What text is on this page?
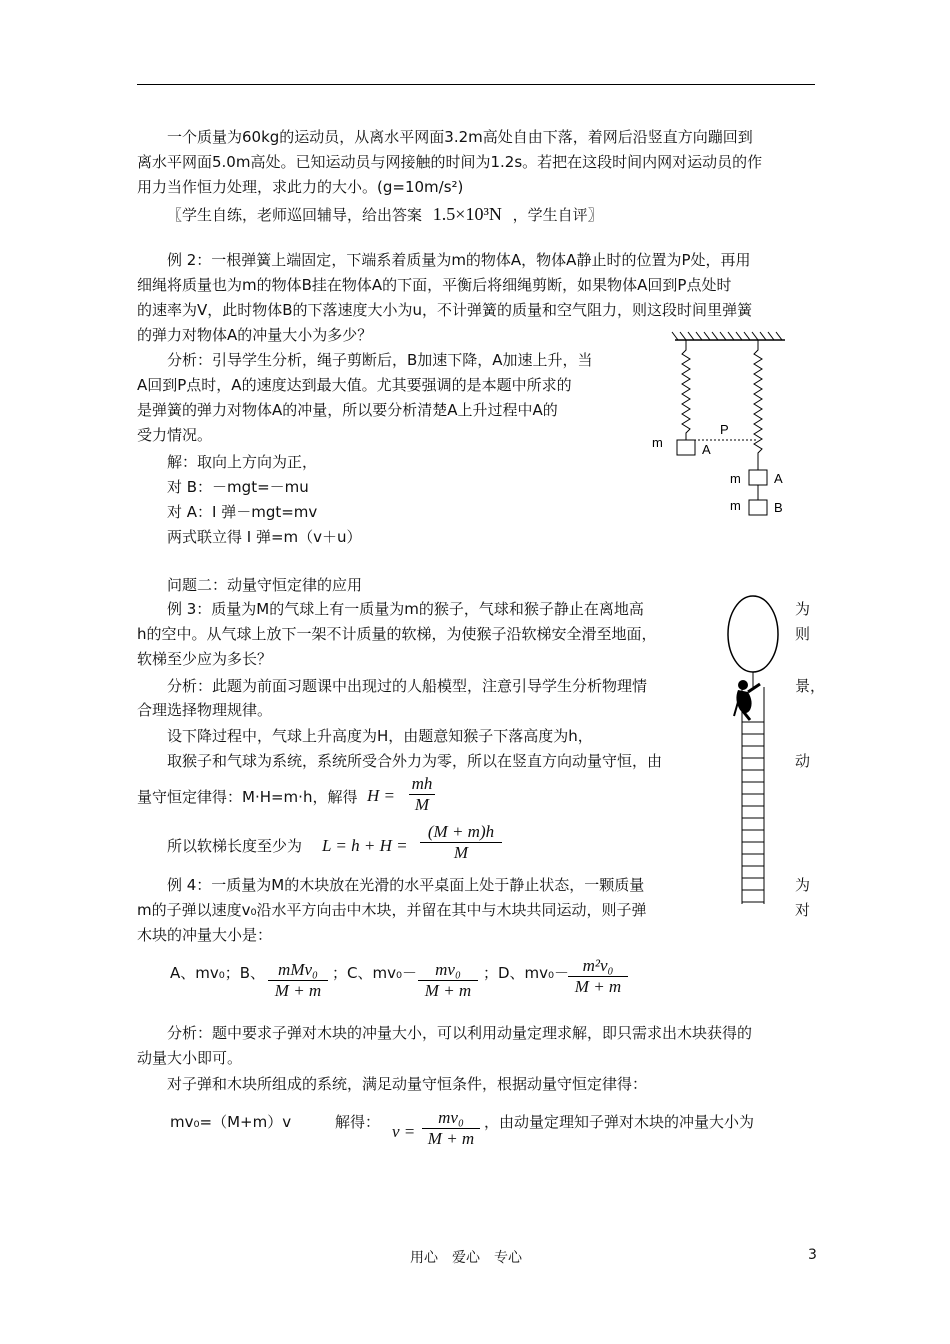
一个质量为60kg的运动员，从离水平网面3.2m高处自由下落，着网后沿竖直方向蹦回到
离水平网面5.0m高处。已知运动员与网接触的时间为1.2s。若把在这段时间内网对运动员的作
用力当作恒力处理，求此力的大小。(g=10m/s²)
〖学生自练，老师巡回辅导，给出答案 1.5×10³N ，学生自评〗
例 2：一根弹簧上端固定，下端系着质量为m的物体A，物体A静止时的位置为P处，再用
细绳将质量也为m的物体B挂在物体A的下面，平衡后将细绳剪断，如果物体A回到P点处时
的速率为V，此时物体B的下落速度大小为u，不计弹簧的质量和空气阻力，则这段时间里弹簧
的弹力对物体A的冲量大小为多少？
分析：引导学生分析，绳子剪断后，B加速下降，A加速上升，当
A回到P点时，A的速度达到最大值。尤其要强调的是本题中所求的
是弹簧的弹力对物体A的冲量，所以要分析清楚A上升过程中A的
受力情况。
解：取向上方向为正，
对 B：－mgt=－mu
对 A：I 弹－mgt=mv
两式联立得 I 弹=m（v＋u）
m	A
P
m	A
m	B
问题二：动量守恒定律的应用
例 3：质量为M的气球上有一质量为m的猴子，气球和猴子静止在离地高	为
h的空中。从气球上放下一架不计质量的软梯，为使猴子沿软梯安全滑至地面，	则
软梯至少应为多长？
分析：此题为前面习题课中出现过的人船模型，注意引导学生分析物理情	景，
合理选择物理规律。
设下降过程中，气球上升高度为H，由题意知猴子下落高度为h，
取猴子和气球为系统，系统所受合外力为零，所以在竖直方向动量守恒，由	动
量守恒定律得：M·H=m·h，解得 $H = \frac{mh}{M}$
所以软梯长度至少为 $L = h + H = \frac{(M + m)h}{M}$
例 4：一质量为M的木块放在光滑的水平桌面上处于静止状态，一颗质量	为
m的子弹以速度v₀沿水平方向击中木块，并留在其中与木块共同运动，则子弹	对
木块的冲量大小是：
A、mv₀；B、 mMv₀
M + m
；C、$mv_0- \frac{\text{mv₀}}{M + m}$ ；D、mv₀－
$\frac{\text{m²v₀}}{M + m}$
分析：题中要求子弹对木块的冲量大小，可以利用动量定理求解，即只需求出木块获得的
动量大小即可。
对子弹和木块所组成的系统，满足动量守恒条件，根据动量守恒定律得：
mv₀=（M+m）v	解得： $v = \frac{\text{mv₀}}{M + m}$ ，由动量定理知子弹对木块的冲量大小为
用心　爱心　专心	3
